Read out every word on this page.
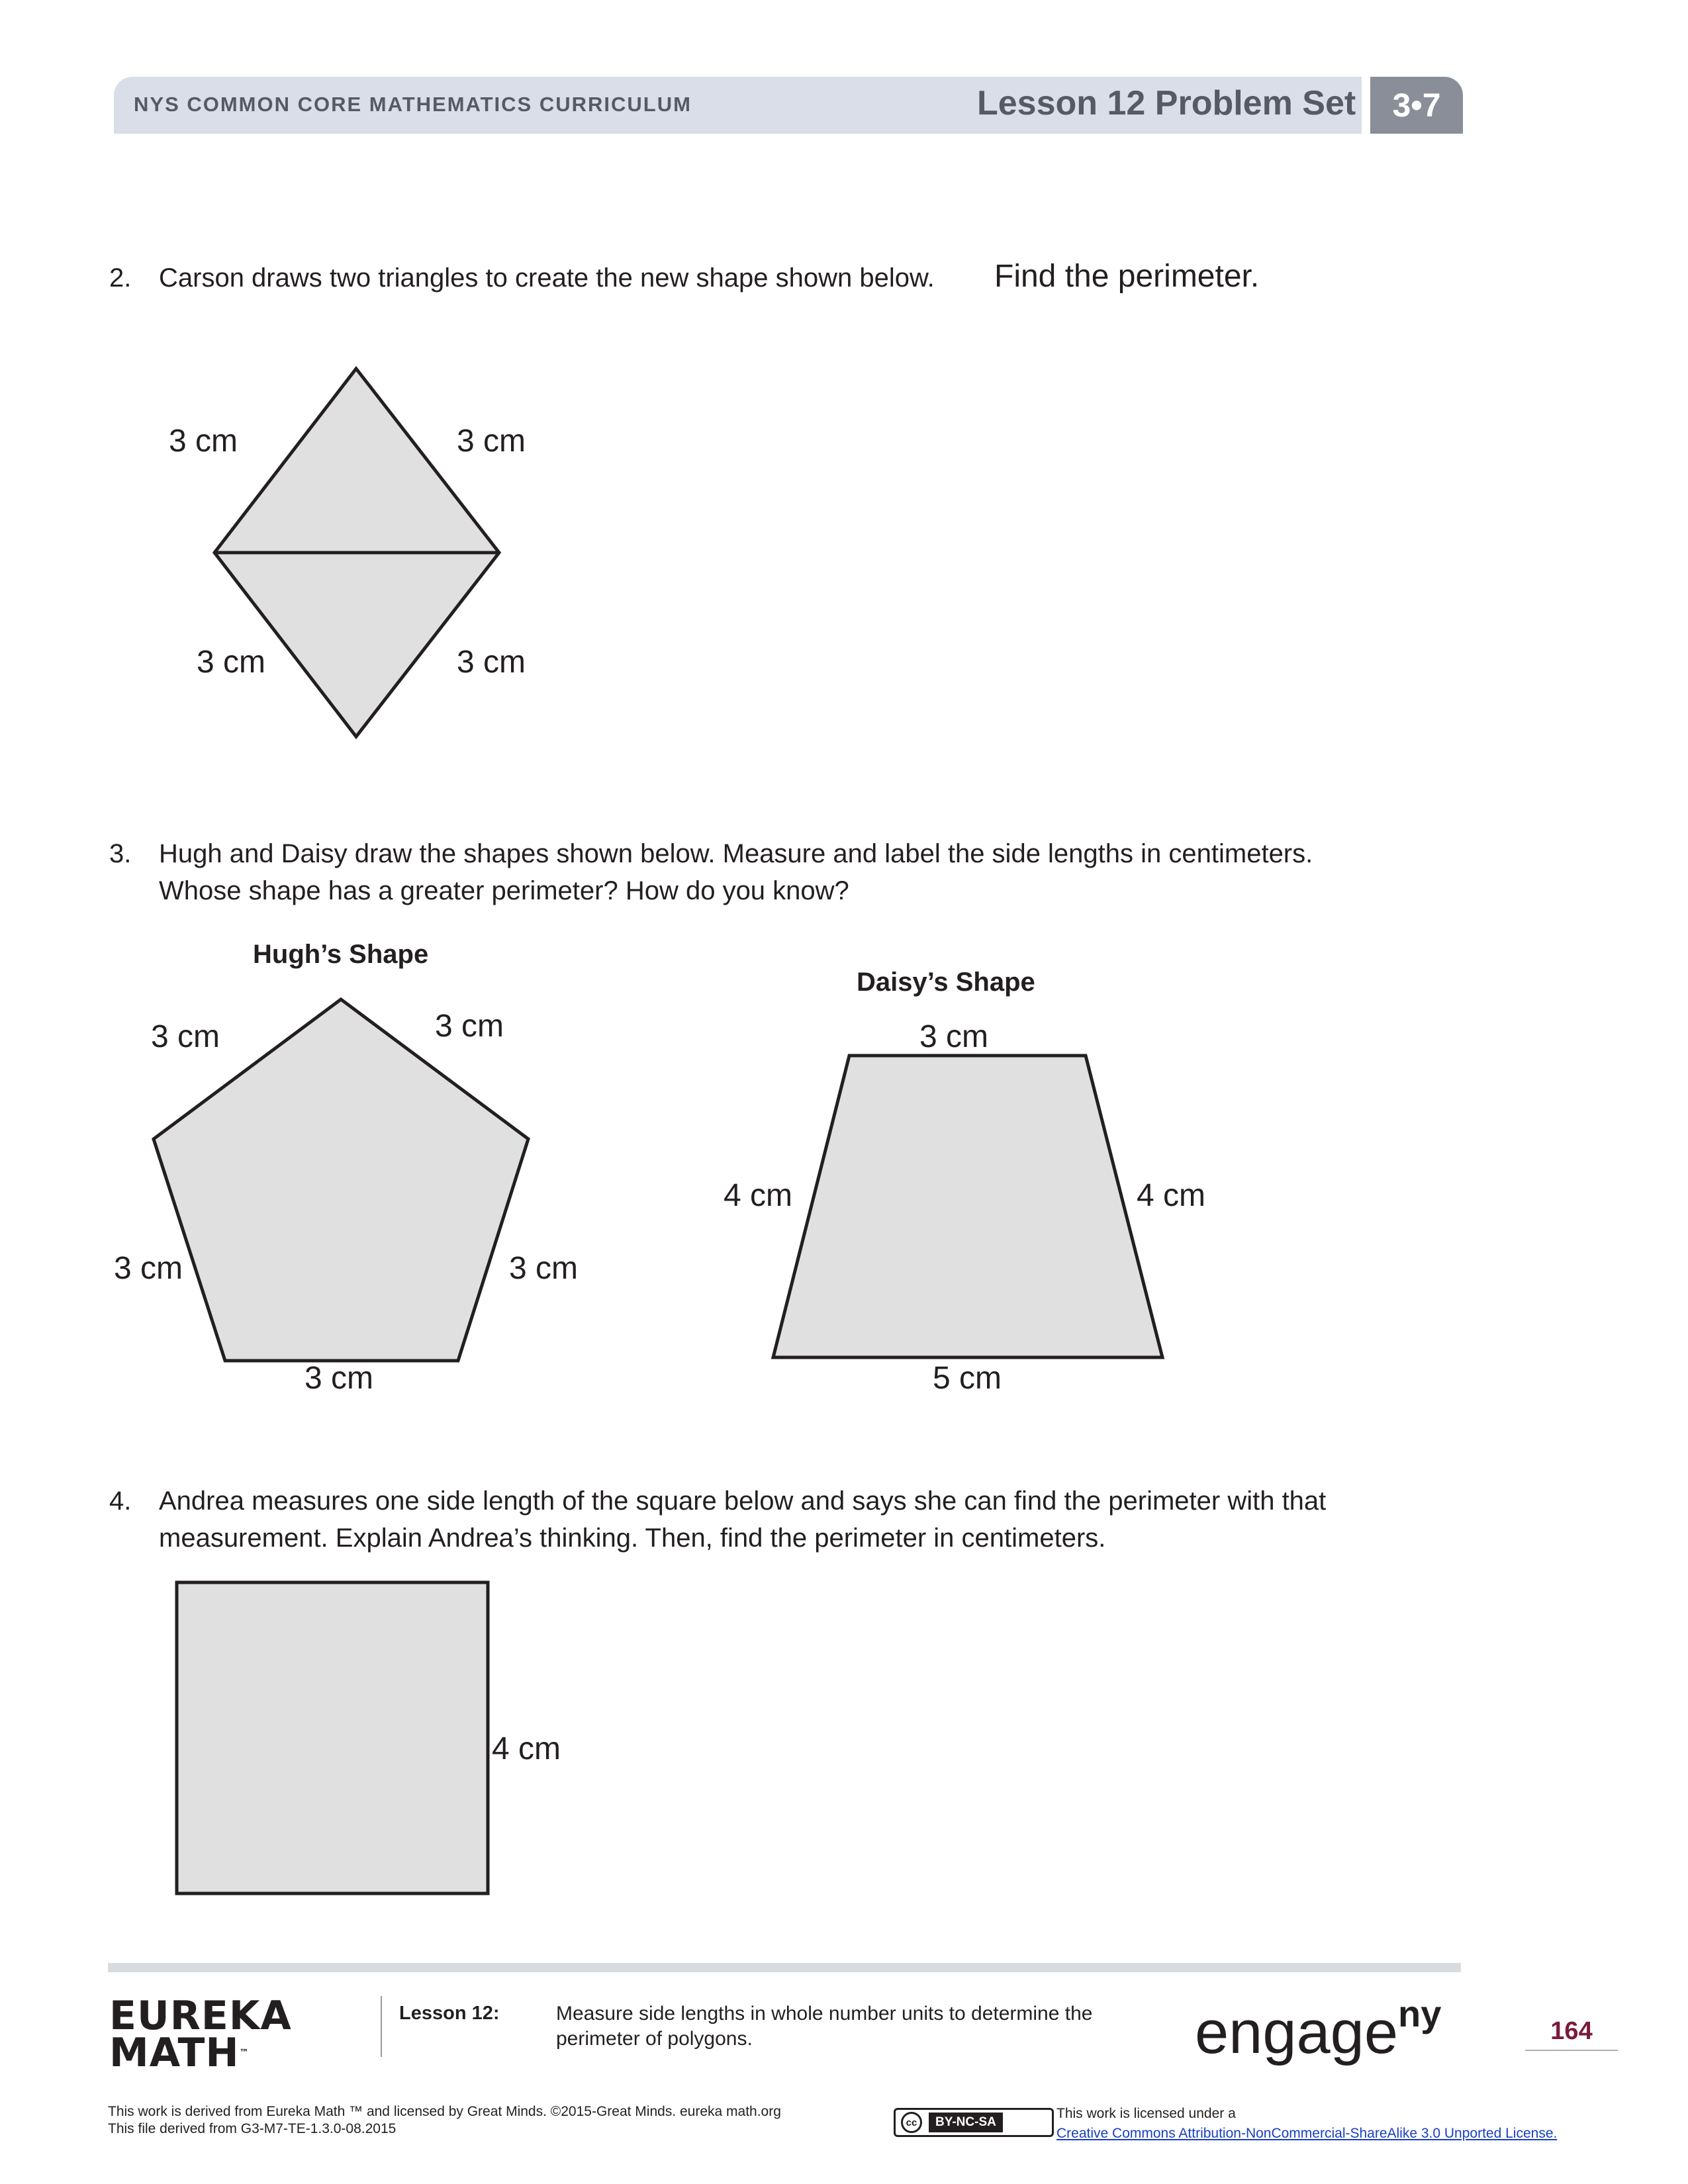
NYS COMMON CORE MATHEMATICS CURRICULUM	Lesson 12 Problem Set	3•7
2. Carson draws two triangles to create the new shape shown below. Find the perimeter.
3. Hugh and Daisy draw the shapes shown below. Measure and label the side lengths in centimeters.
Whose shape has a greater perimeter? How do you know?
Hugh’s Shape
Daisy’s Shape
4. Andrea measures one side length of the square below and says she can find the perimeter with that
measurement. Explain Andrea’s thinking. Then, find the perimeter in centimeters.
3 cm	3 cm
3 cm	3 cm
3 cm	3 cm
3 cm	3 cm
3 cm
3 cm
4 cm	4 cm
5 cm
4 cm
EUREKA
MATH™
Lesson 12:	Measure side lengths in whole number units to determine the perimeter of polygons.	engage$^{ny}$	164
This work is derived from Eureka Math ™ and licensed by Great Minds. ©2015-Great Minds. eureka math.org
This file derived from G3-M7-TE-1.3.0-08.2015	cc	BY-NC-SA
This work is licensed under a
Creative Commons Attribution-NonCommercial-ShareAlike 3.0 Unported License.
